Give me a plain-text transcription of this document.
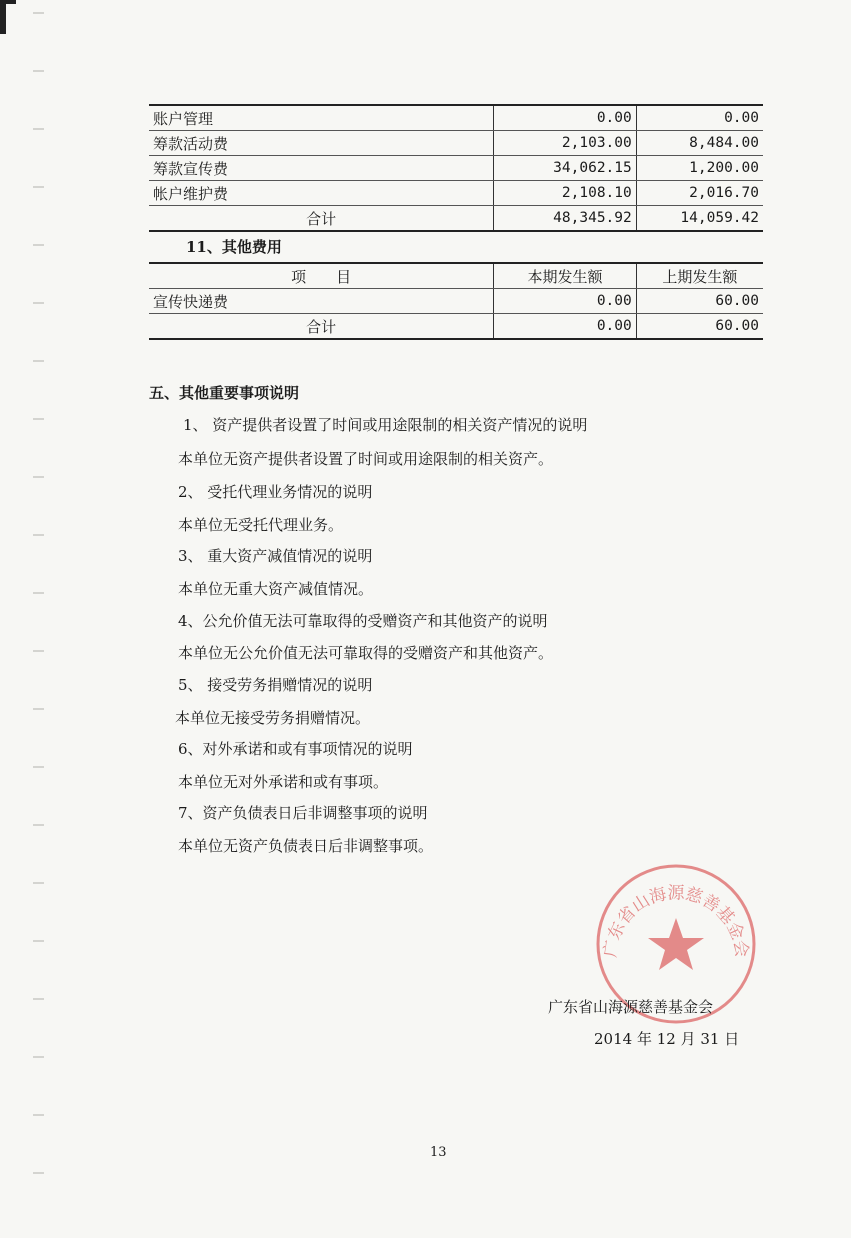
账户管理	0.00	0.00
筹款活动费	2,103.00	8,484.00
筹款宣传费	34,062.15	1,200.00
帐户维护费	2,108.10	2,016.70
合计	48,345.92	14,059.42
11、其他费用
项　　目	本期发生额	上期发生额
宣传快递费	0.00	60.00
合计	0.00	60.00
五、其他重要事项说明
1、 资产提供者设置了时间或用途限制的相关资产情况的说明
本单位无资产提供者设置了时间或用途限制的相关资产。
2、 受托代理业务情况的说明
本单位无受托代理业务。
3、 重大资产减值情况的说明
本单位无重大资产减值情况。
4、公允价值无法可靠取得的受赠资产和其他资产的说明
本单位无公允价值无法可靠取得的受赠资产和其他资产。
5、 接受劳务捐赠情况的说明
本单位无接受劳务捐赠情况。
6、对外承诺和或有事项情况的说明
本单位无对外承诺和或有事项。
7、资产负债表日后非调整事项的说明
本单位无资产负债表日后非调整事项。
广东省山海源慈善基金会
广东省山海源慈善基金会
2014 年 12 月 31 日
13
